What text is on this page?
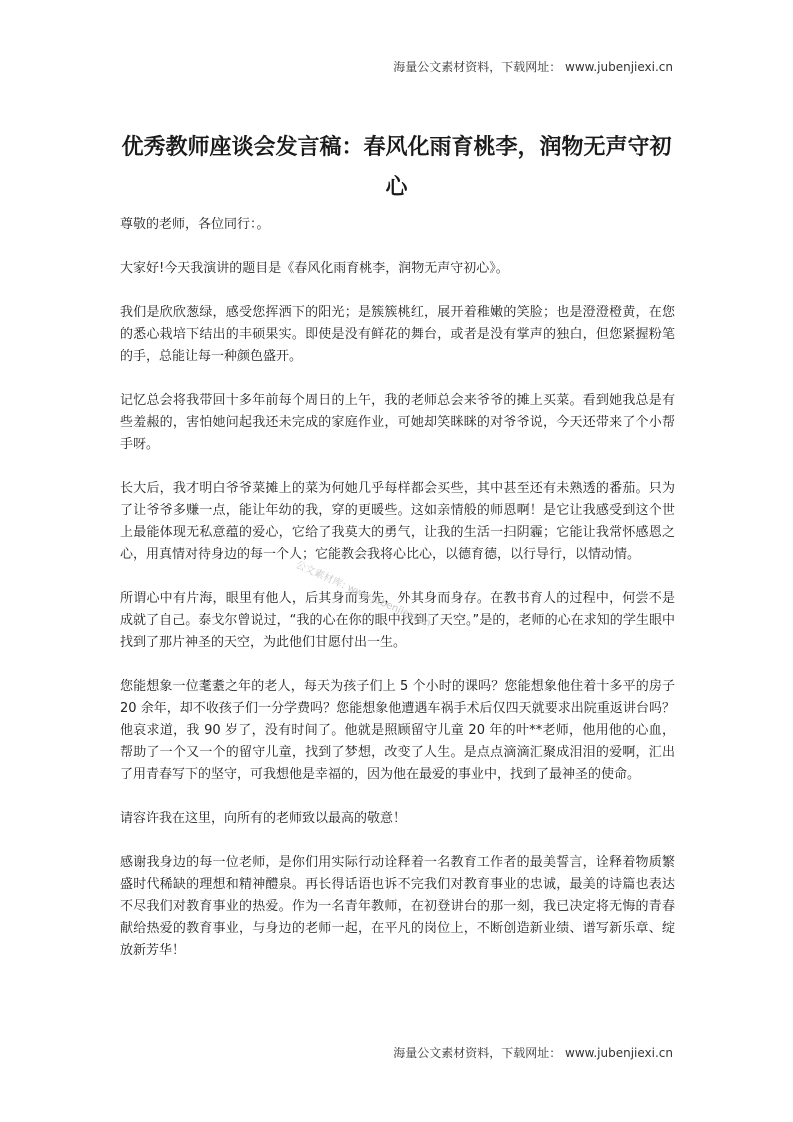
海量公文素材资料，下载网址： www.jubenjiexi.cn
优秀教师座谈会发言稿：春风化雨育桃李，润物无声守初心

尊敬的老师，各位同行：。

大家好!今天我演讲的题目是《春风化雨育桃李，润物无声守初心》。

我们是欣欣葱绿，感受您挥洒下的阳光；是簇簇桃红，展开着稚嫩的笑脸；也是澄澄橙黄，在您的悉心栽培下结出的丰硕果实。即使是没有鲜花的舞台，或者是没有掌声的独白，但您紧握粉笔的手，总能让每一种颜色盛开。

记忆总会将我带回十多年前每个周日的上午，我的老师总会来爷爷的摊上买菜。看到她我总是有些羞赧的，害怕她问起我还未完成的家庭作业，可她却笑眯眯的对爷爷说，今天还带来了个小帮手呀。

长大后，我才明白爷爷菜摊上的菜为何她几乎每样都会买些，其中甚至还有未熟透的番茄。只为了让爷爷多赚一点，能让年幼的我，穿的更暖些。这如亲情般的师恩啊！是它让我感受到这个世上最能体现无私意蕴的爱心，它给了我莫大的勇气，让我的生活一扫阴霾；它能让我常怀感恩之心，用真情对待身边的每一个人；它能教会我将心比心，以德育德，以行导行，以情动情。

所谓心中有片海，眼里有他人，后其身而身先，外其身而身存。在教书育人的过程中，何尝不是成就了自己。泰戈尔曾说过，“我的心在你的眼中找到了天空。”是的，老师的心在求知的学生眼中找到了那片神圣的天空，为此他们甘愿付出一生。

您能想象一位耄耋之年的老人，每天为孩子们上 5 个小时的课吗？您能想象他住着十多平的房子 20 余年，却不收孩子们一分学费吗？您能想象他遭遇车祸手术后仅四天就要求出院重返讲台吗？他哀求道，我 90 岁了，没有时间了。他就是照顾留守儿童 20 年的叶**老师，他用他的心血，帮助了一个又一个的留守儿童，找到了梦想，改变了人生。是点点滴滴汇聚成泪泪的爱啊，汇出了用青春写下的坚守，可我想他是幸福的，因为他在最爱的事业中，找到了最神圣的使命。

请容许我在这里，向所有的老师致以最高的敬意！

感谢我身边的每一位老师，是你们用实际行动诠释着一名教育工作者的最美誓言，诠释着物质繁盛时代稀缺的理想和精神醴泉。再长得话语也诉不完我们对教育事业的忠诚，最美的诗篇也表达不尽我们对教育事业的热爱。作为一名青年教师，在初登讲台的那一刻，我已决定将无悔的青春献给热爱的教育事业，与身边的老师一起，在平凡的岗位上，不断创造新业绩、谱写新乐章、绽放新芳华！

公文素材库: www.jubenjiexi.cn
海量公文素材资料，下载网址： www.jubenjiexi.cn
